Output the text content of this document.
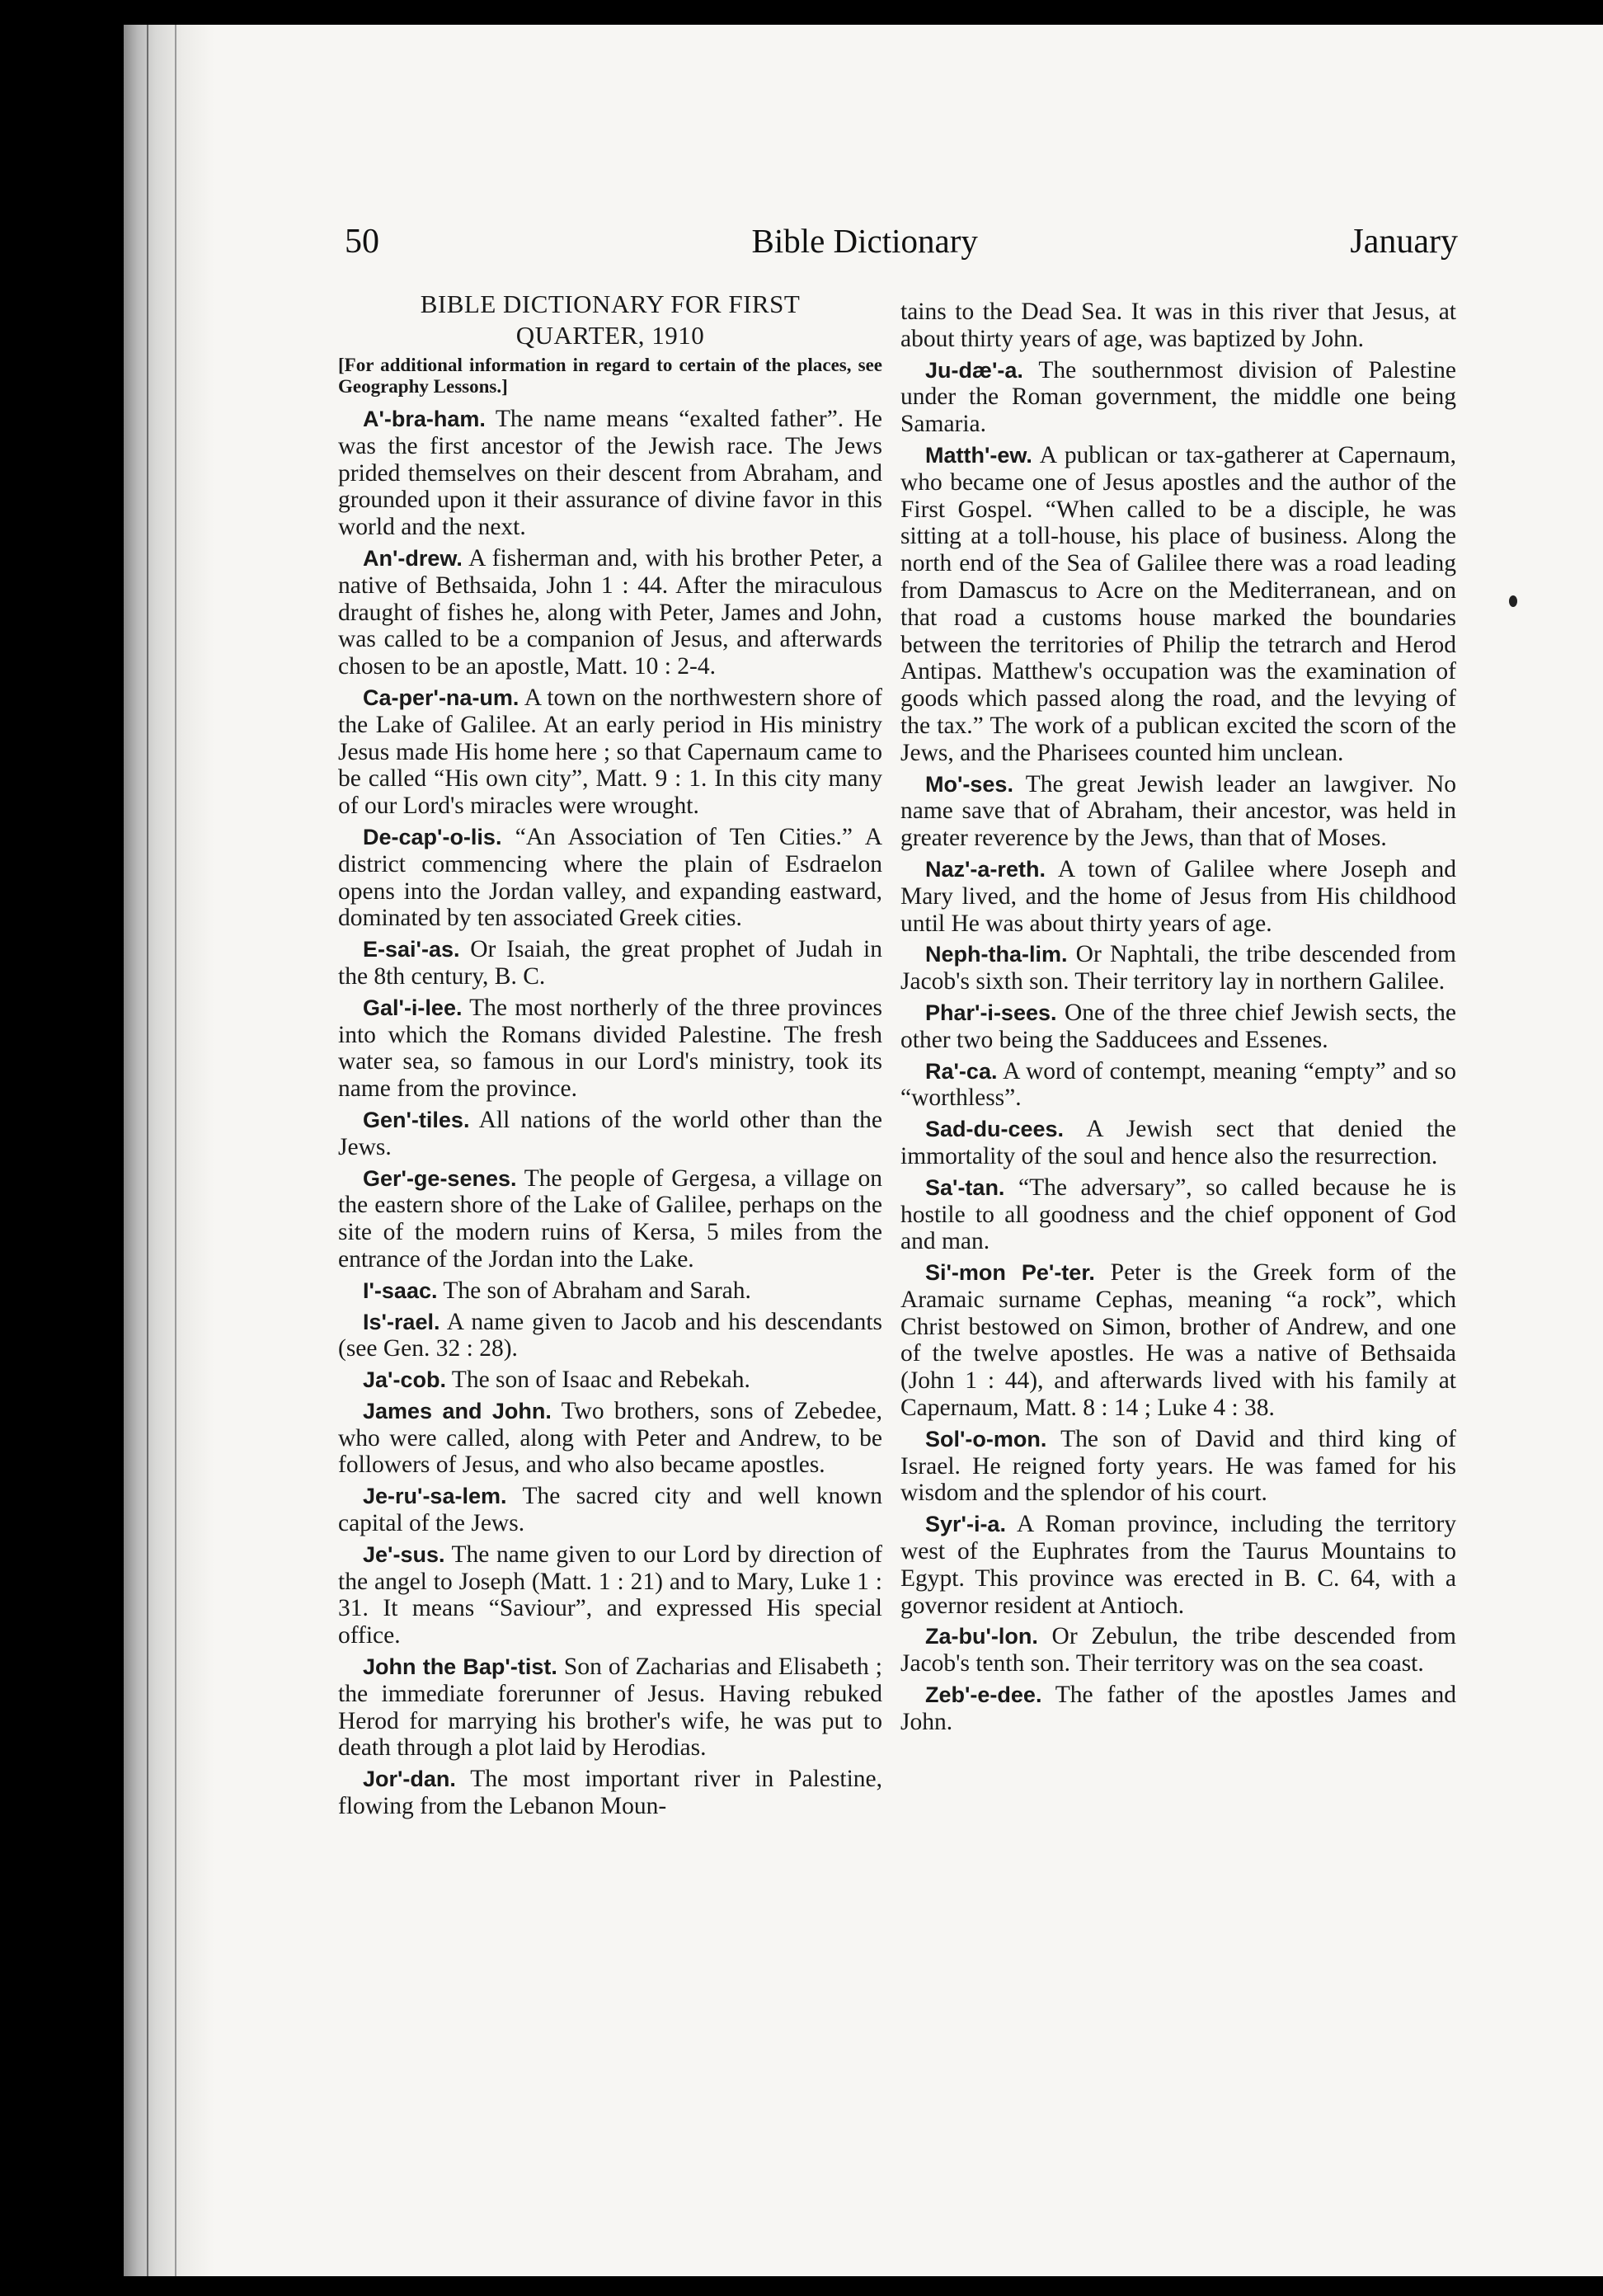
50	Bible Dictionary	January
BIBLE DICTIONARY FOR FIRST
QUARTER, 1910
[For additional information in regard to certain of the places, see Geography Lessons.]

A'-bra-ham. The name means “exalted father”. He was the first ancestor of the Jewish race. The Jews prided themselves on their descent from Abraham, and grounded upon it their assurance of divine favor in this world and the next.

An'-drew. A fisherman and, with his brother Peter, a native of Bethsaida, John 1 : 44. After the miraculous draught of fishes he, along with Peter, James and John, was called to be a companion of Jesus, and afterwards chosen to be an apostle, Matt. 10 : 2-4.

Ca-per'-na-um. A town on the northwestern shore of the Lake of Galilee. At an early period in His ministry Jesus made His home here ; so that Capernaum came to be called “His own city”, Matt. 9 : 1. In this city many of our Lord's miracles were wrought.

De-cap'-o-lis. “An Association of Ten Cities.” A district commencing where the plain of Esdraelon opens into the Jordan valley, and expanding eastward, dominated by ten associated Greek cities.

E-sai'-as. Or Isaiah, the great prophet of Judah in the 8th century, B. C.

Gal'-i-lee. The most northerly of the three provinces into which the Romans divided Palestine. The fresh water sea, so famous in our Lord's ministry, took its name from the province.

Gen'-tiles. All nations of the world other than the Jews.

Ger'-ge-senes. The people of Gergesa, a village on the eastern shore of the Lake of Galilee, perhaps on the site of the modern ruins of Kersa, 5 miles from the entrance of the Jordan into the Lake.

I'-saac. The son of Abraham and Sarah.

Is'-rael. A name given to Jacob and his descendants (see Gen. 32 : 28).

Ja'-cob. The son of Isaac and Rebekah.

James and John. Two brothers, sons of Zebedee, who were called, along with Peter and Andrew, to be followers of Jesus, and who also became apostles.

Je-ru'-sa-lem. The sacred city and well known capital of the Jews.

Je'-sus. The name given to our Lord by direction of the angel to Joseph (Matt. 1 : 21) and to Mary, Luke 1 : 31. It means “Saviour”, and expressed His special office.

John the Bap'-tist. Son of Zacharias and Elisabeth ; the immediate forerunner of Jesus. Having rebuked Herod for marrying his brother's wife, he was put to death through a plot laid by Herodias.

Jor'-dan. The most important river in Palestine, flowing from the Lebanon Moun-

tains to the Dead Sea. It was in this river that Jesus, at about thirty years of age, was baptized by John.

Ju-dæ'-a. The southernmost division of Palestine under the Roman government, the middle one being Samaria.

Matth'-ew. A publican or tax-gatherer at Capernaum, who became one of Jesus apostles and the author of the First Gospel. “When called to be a disciple, he was sitting at a toll-house, his place of business. Along the north end of the Sea of Galilee there was a road leading from Damascus to Acre on the Mediterranean, and on that road a customs house marked the boundaries between the territories of Philip the tetrarch and Herod Antipas. Matthew's occupation was the examination of goods which passed along the road, and the levying of the tax.” The work of a publican excited the scorn of the Jews, and the Pharisees counted him unclean.

Mo'-ses. The great Jewish leader an lawgiver. No name save that of Abraham, their ancestor, was held in greater reverence by the Jews, than that of Moses.

Naz'-a-reth. A town of Galilee where Joseph and Mary lived, and the home of Jesus from His childhood until He was about thirty years of age.

Neph-tha-lim. Or Naphtali, the tribe descended from Jacob's sixth son. Their territory lay in northern Galilee.

Phar'-i-sees. One of the three chief Jewish sects, the other two being the Sadducees and Essenes.

Ra'-ca. A word of contempt, meaning “empty” and so “worthless”.

Sad-du-cees. A Jewish sect that denied the immortality of the soul and hence also the resurrection.

Sa'-tan. “The adversary”, so called because he is hostile to all goodness and the chief opponent of God and man.

Si'-mon Pe'-ter. Peter is the Greek form of the Aramaic surname Cephas, meaning “a rock”, which Christ bestowed on Simon, brother of Andrew, and one of the twelve apostles. He was a native of Bethsaida (John 1 : 44), and afterwards lived with his family at Capernaum, Matt. 8 : 14 ; Luke 4 : 38.

Sol'-o-mon. The son of David and third king of Israel. He reigned forty years. He was famed for his wisdom and the splendor of his court.

Syr'-i-a. A Roman province, including the territory west of the Euphrates from the Taurus Mountains to Egypt. This province was erected in B. C. 64, with a governor resident at Antioch.

Za-bu'-lon. Or Zebulun, the tribe descended from Jacob's tenth son. Their territory was on the sea coast.

Zeb'-e-dee. The father of the apostles James and John.
